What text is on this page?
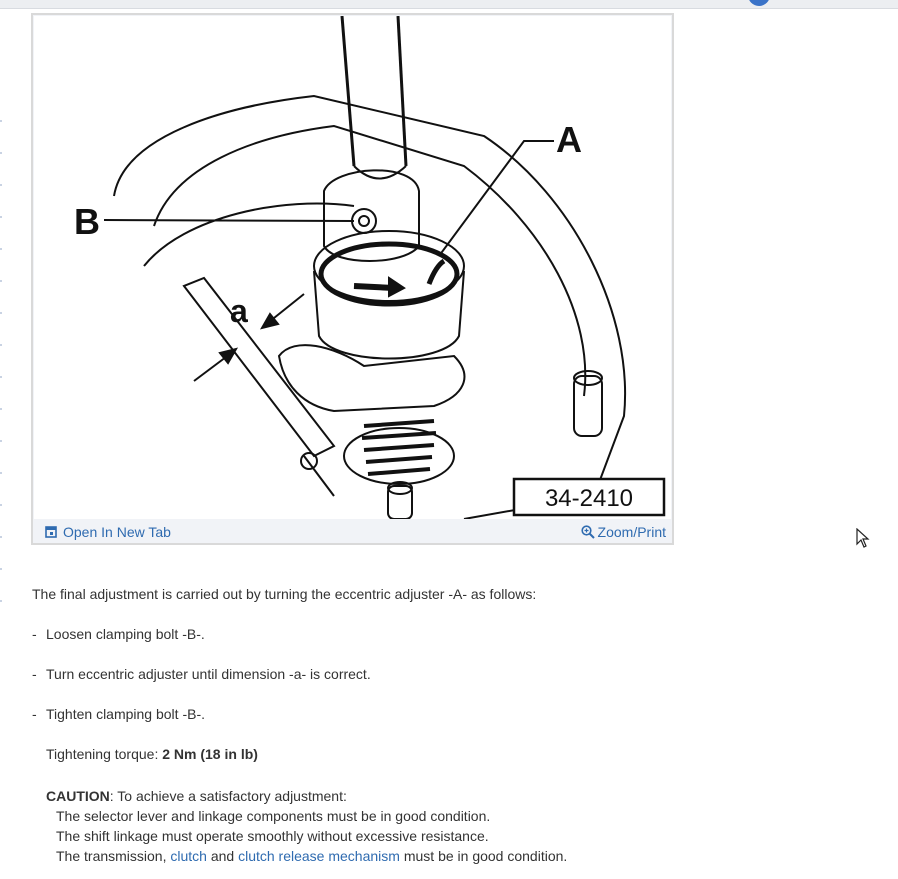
A
B
a
34-2410
Open In New Tab	Zoom/Print
The final adjustment is carried out by turning the eccentric adjuster -A- as follows:
- Loosen clamping bolt -B-.
- Turn eccentric adjuster until dimension -a- is correct.
- Tighten clamping bolt -B-.
Tightening torque: 2 Nm (18 in lb)
CAUTION: To achieve a satisfactory adjustment:
The selector lever and linkage components must be in good condition.
The shift linkage must operate smoothly without excessive resistance.
The transmission, clutch and clutch release mechanism must be in good condition.
